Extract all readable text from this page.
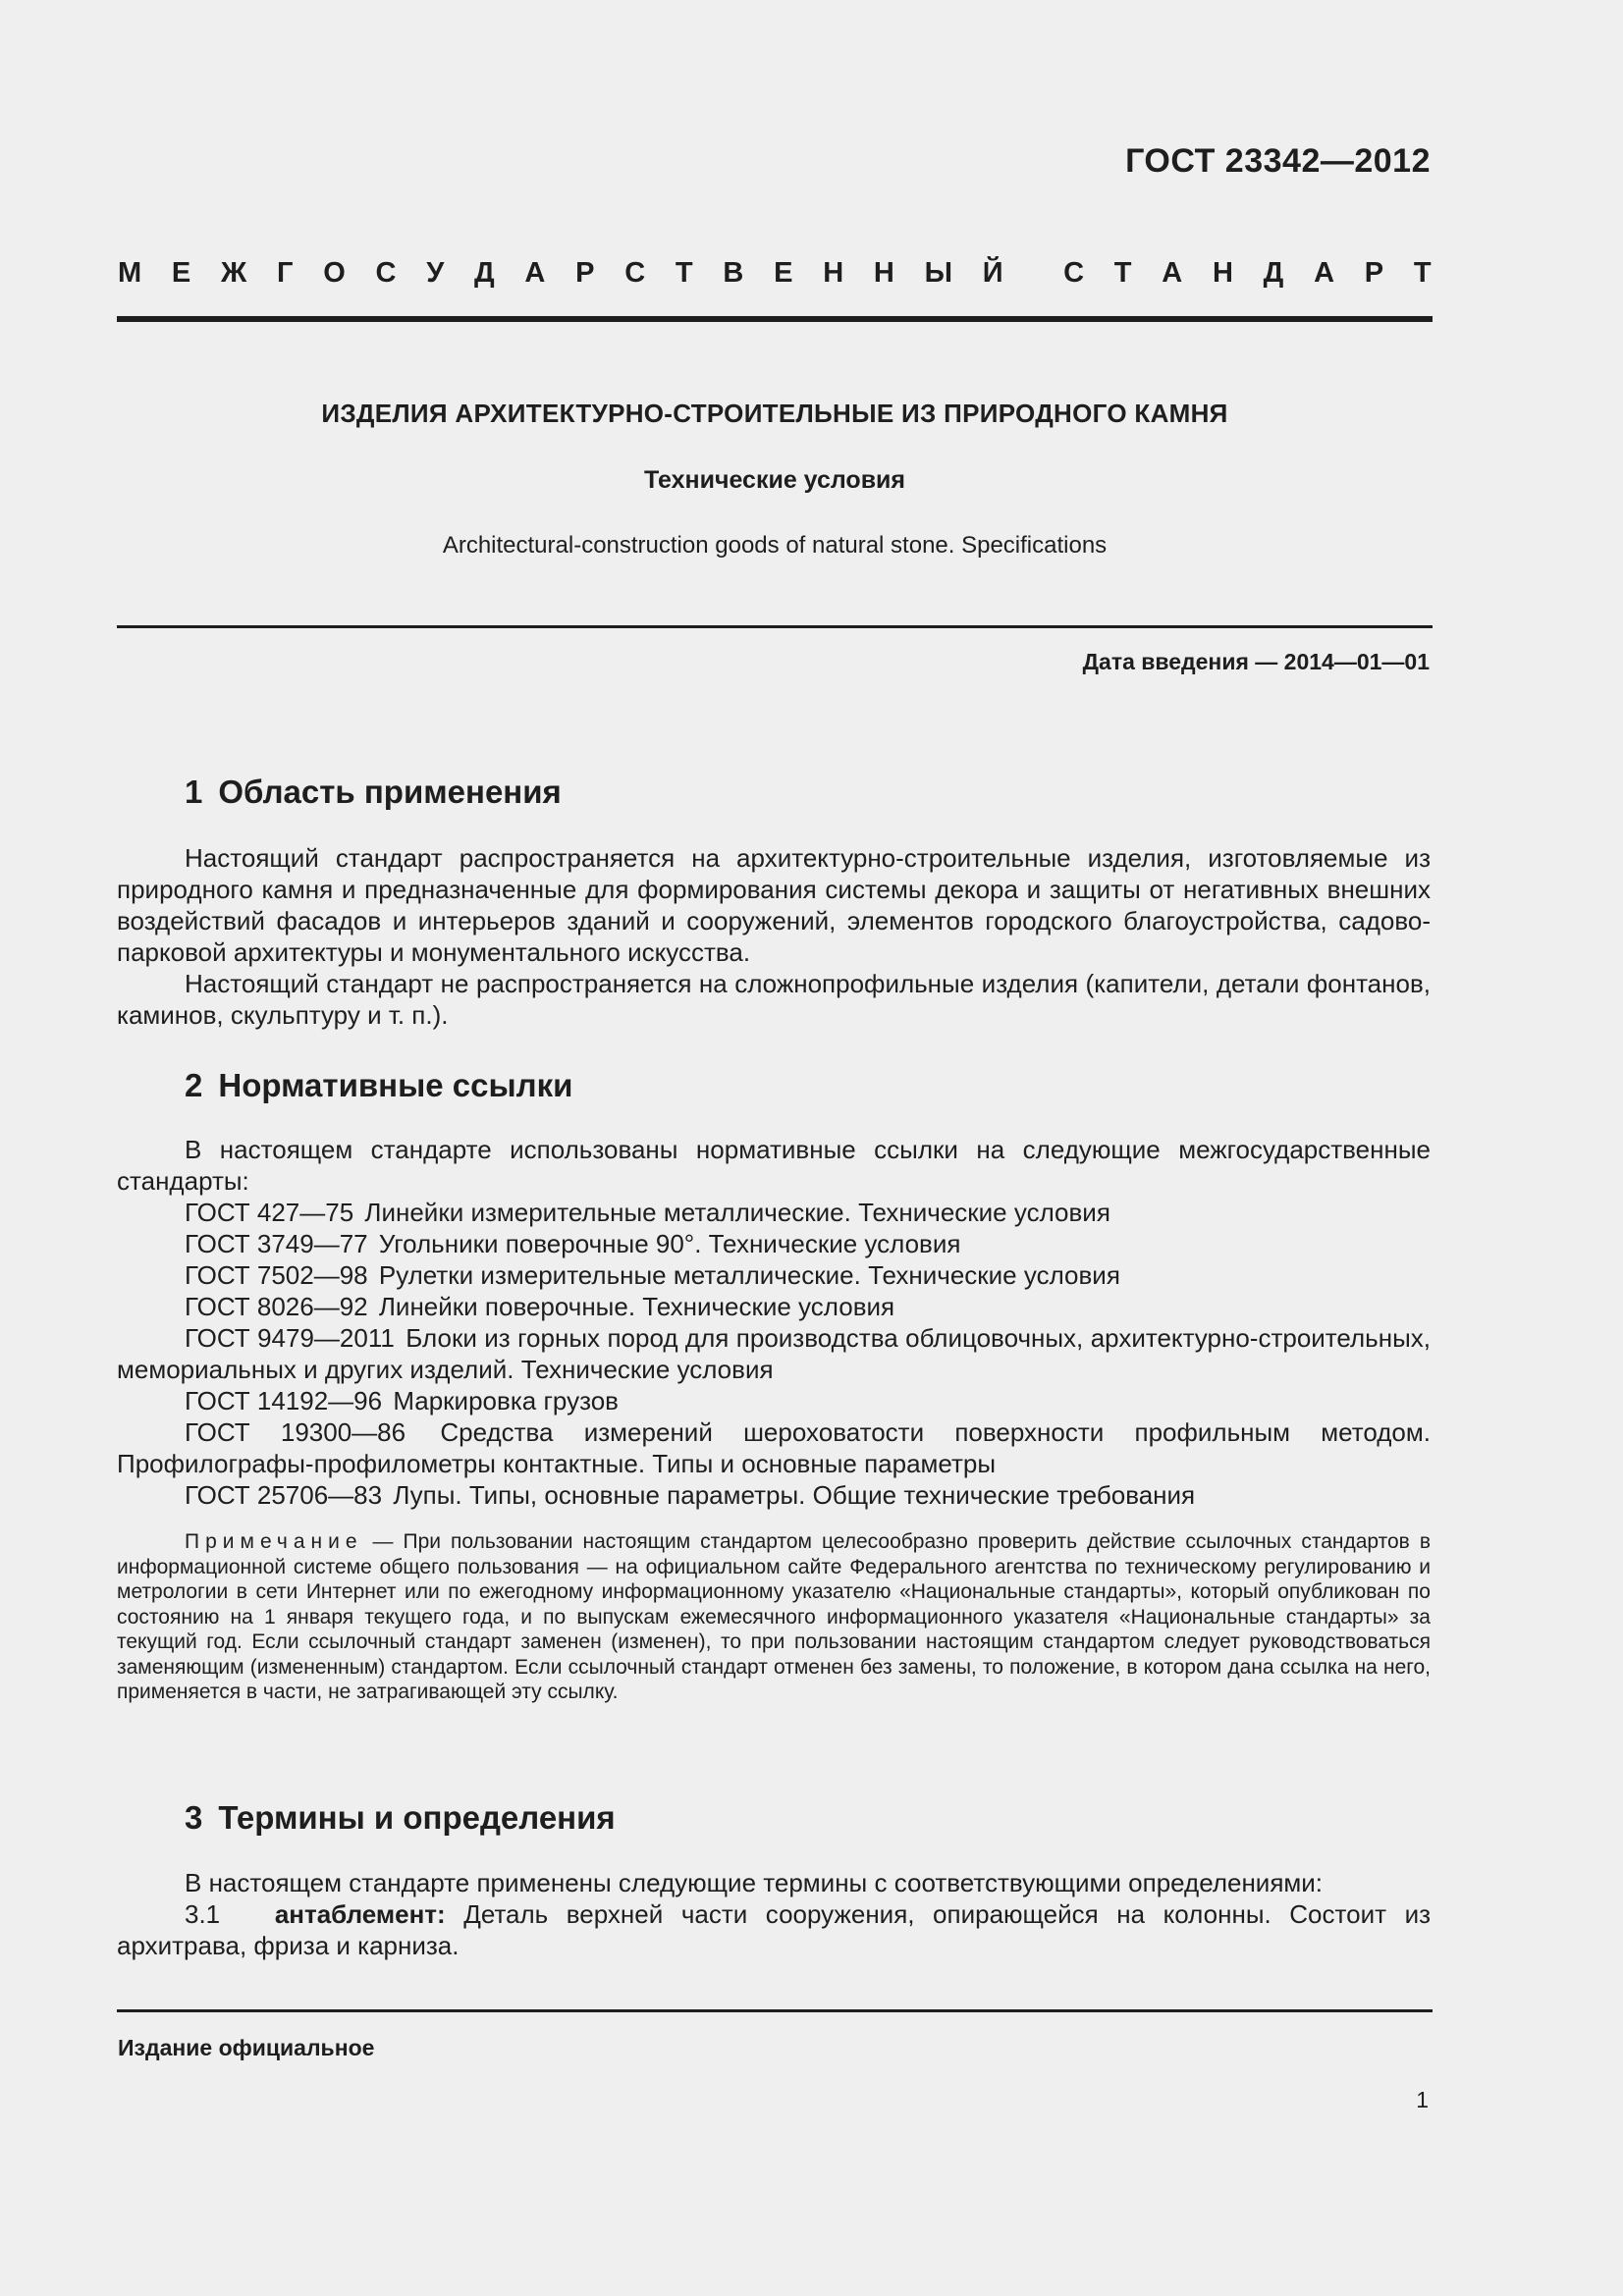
ГОСТ 23342—2012
М Е Ж Г О С У Д А Р С Т В Е Н Н Ы Й С Т А Н Д А Р Т
ИЗДЕЛИЯ АРХИТЕКТУРНО-СТРОИТЕЛЬНЫЕ ИЗ ПРИРОДНОГО КАМНЯ
Технические условия
Architectural-construction goods of natural stone. Specifications
Дата введения — 2014—01—01
1 Область применения

Настоящий стандарт распространяется на архитектурно-строительные изделия, изготовляемые из природного камня и предназначенные для формирования системы декора и защиты от негативных внешних воздействий фасадов и интерьеров зданий и сооружений, элементов городского благоустройства, садово-парковой архитектуры и монументального искусства.

Настоящий стандарт не распространяется на сложнопрофильные изделия (капители, детали фонтанов, каминов, скульптуру и т. п.).

2 Нормативные ссылки

В настоящем стандарте использованы нормативные ссылки на следующие межгосударственные стандарты:

ГОСТ 427—75 Линейки измерительные металлические. Технические условия

ГОСТ 3749—77 Угольники поверочные 90°. Технические условия

ГОСТ 7502—98 Рулетки измерительные металлические. Технические условия

ГОСТ 8026—92 Линейки поверочные. Технические условия

ГОСТ 9479—2011 Блоки из горных пород для производства облицовочных, архитектурно-строительных, мемориальных и других изделий. Технические условия

ГОСТ 14192—96 Маркировка грузов

ГОСТ 19300—86 Средства измерений шероховатости поверхности профильным методом. Профилографы-профилометры контактные. Типы и основные параметры

ГОСТ 25706—83 Лупы. Типы, основные параметры. Общие технические требования

Примечание — При пользовании настоящим стандартом целесообразно проверить действие ссылочных стандартов в информационной системе общего пользования — на официальном сайте Федерального агентства по техническому регулированию и метрологии в сети Интернет или по ежегодному информационному указателю «Национальные стандарты», который опубликован по состоянию на 1 января текущего года, и по выпускам ежемесячного информационного указателя «Национальные стандарты» за текущий год. Если ссылочный стандарт заменен (изменен), то при пользовании настоящим стандартом следует руководствоваться заменяющим (измененным) стандартом. Если ссылочный стандарт отменен без замены, то положение, в котором дана ссылка на него, применяется в части, не затрагивающей эту ссылку.

3 Термины и определения

В настоящем стандарте применены следующие термины с соответствующими определениями:

3.1 антаблемент: Деталь верхней части сооружения, опирающейся на колонны. Состоит из архитрава, фриза и карниза.

Издание официальное
1
